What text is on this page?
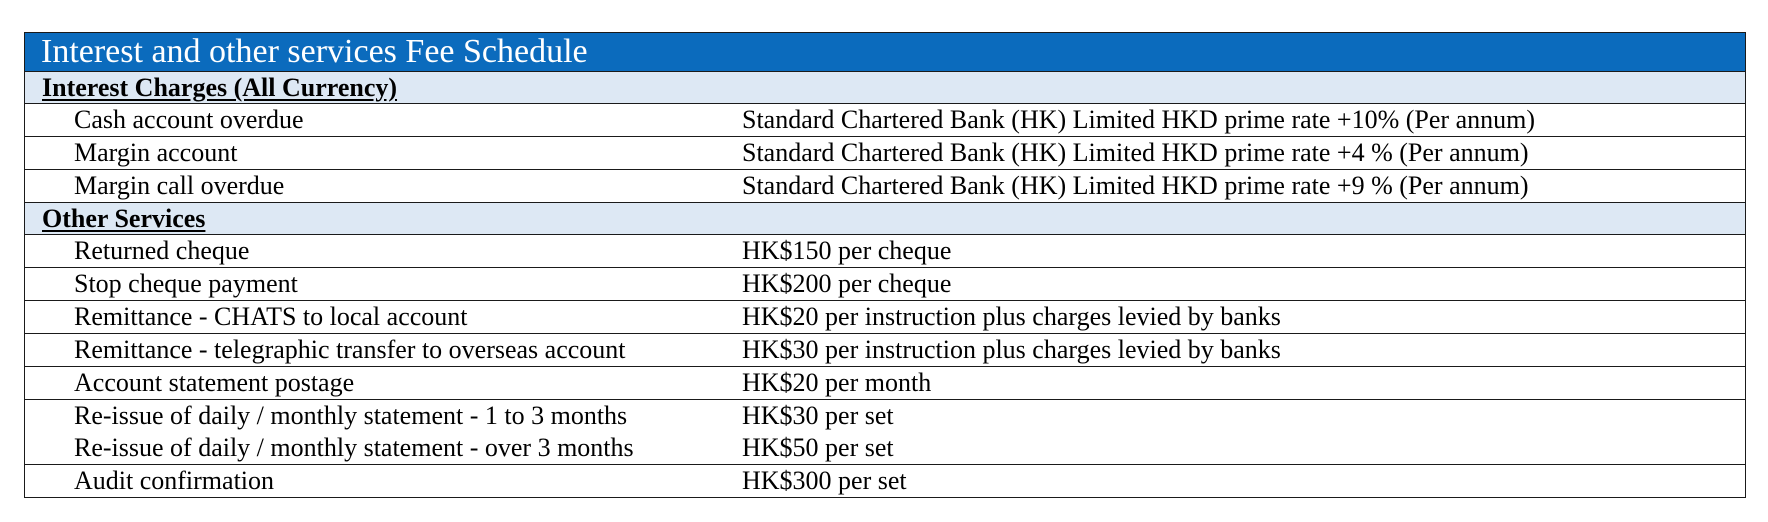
Interest and other services Fee Schedule
Interest Charges (All Currency)
Cash account overdue	Standard Chartered Bank (HK) Limited HKD prime rate +10% (Per annum)
Margin account	Standard Chartered Bank (HK) Limited HKD prime rate +4 % (Per annum)
Margin call overdue	Standard Chartered Bank (HK) Limited HKD prime rate +9 % (Per annum)
Other Services
Returned cheque	HK$150 per cheque
Stop cheque payment	HK$200 per cheque
Remittance - CHATS to local account	HK$20 per instruction plus charges levied by banks
Remittance - telegraphic transfer to overseas account	HK$30 per instruction plus charges levied by banks
Account statement postage	HK$20 per month
Re-issue of daily / monthly statement - 1 to 3 months	HK$30 per set
Re-issue of daily / monthly statement - over 3 months	HK$50 per set
Audit confirmation	HK$300 per set
